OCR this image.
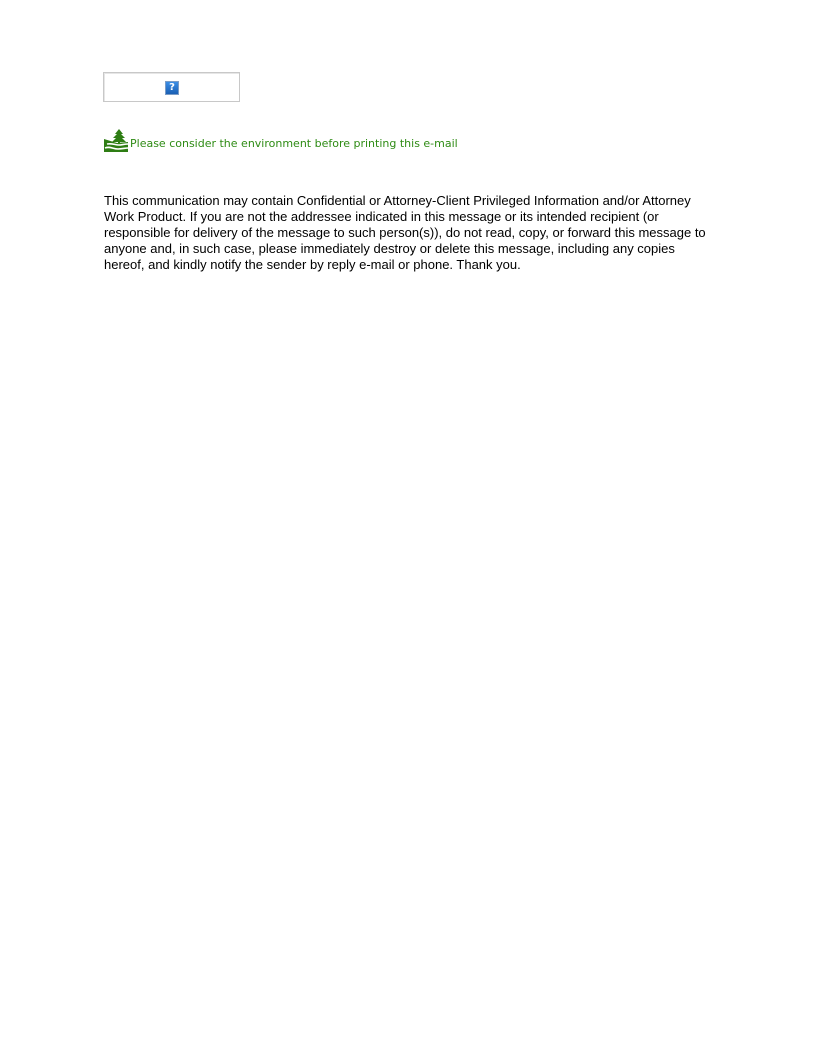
?
Please consider the environment before printing this e-mail

This communication may contain Confidential or Attorney-Client Privileged Information and/or Attorney Work Product. If you are not the addressee indicated in this message or its intended recipient (or responsible for delivery of the message to such person(s)), do not read, copy, or forward this message to anyone and, in such case, please immediately destroy or delete this message, including any copies hereof, and kindly notify the sender by reply e-mail or phone. Thank you.
